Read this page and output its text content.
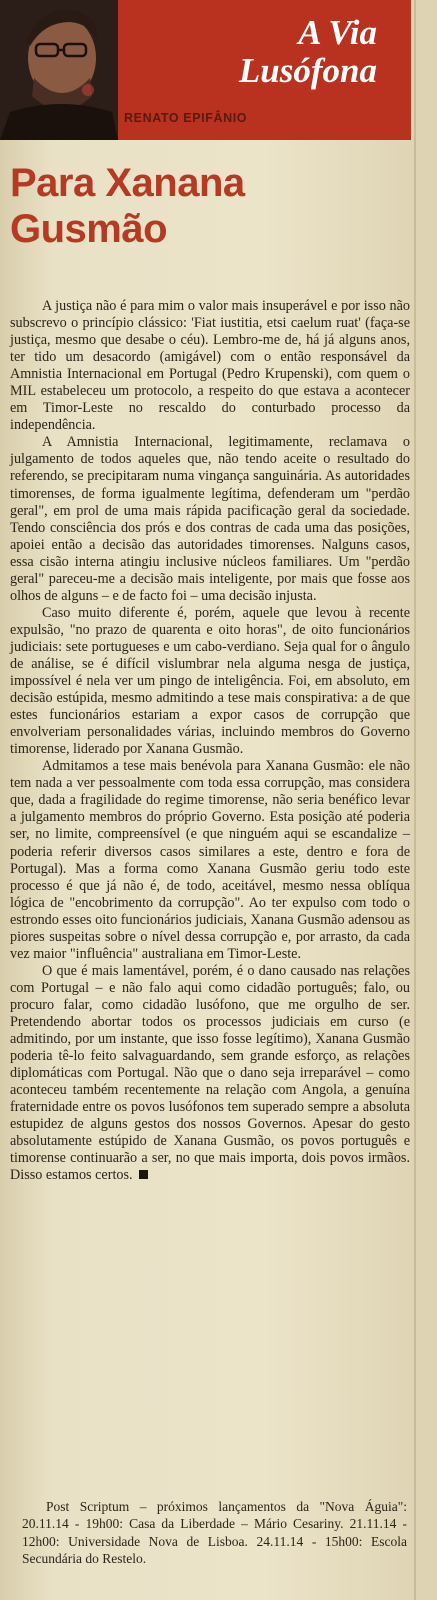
A Via
Lusófona
RENATO EPIFÂNIO
Para Xanana
Gusmão

A justiça não é para mim o valor mais insuperável e por isso não subscrevo o princípio clássico: 'Fiat iustitia, etsi caelum ruat' (faça-se justiça, mesmo que desabe o céu). Lembro-me de, há já alguns anos, ter tido um desacordo (amigável) com o então responsável da Amnistia Internacional em Portugal (Pedro Krupenski), com quem o MIL estabeleceu um protocolo, a respeito do que estava a acontecer em Timor-Leste no rescaldo do conturbado processo da independência.

A Amnistia Internacional, legitimamente, reclamava o julgamento de todos aqueles que, não tendo aceite o resultado do referendo, se precipitaram numa vingança sanguinária. As autoridades timorenses, de forma igualmente legítima, defenderam um "perdão geral", em prol de uma mais rápida pacificação geral da sociedade. Tendo consciência dos prós e dos contras de cada uma das posições, apoiei então a decisão das autoridades timorenses. Nalguns casos, essa cisão interna atingiu inclusive núcleos familiares. Um "perdão geral" pareceu-me a decisão mais inteligente, por mais que fosse aos olhos de alguns – e de facto foi – uma decisão injusta.

Caso muito diferente é, porém, aquele que levou à recente expulsão, "no prazo de quarenta e oito horas", de oito funcionários judiciais: sete portugueses e um cabo-verdiano. Seja qual for o ângulo de análise, se é difícil vislumbrar nela alguma nesga de justiça, impossível é nela ver um pingo de inteligência. Foi, em absoluto, em decisão estúpida, mesmo admitindo a tese mais conspirativa: a de que estes funcionários estariam a expor casos de corrupção que envolveriam personalidades várias, incluindo membros do Governo timorense, liderado por Xanana Gusmão.

Admitamos a tese mais benévola para Xanana Gusmão: ele não tem nada a ver pessoalmente com toda essa corrupção, mas considera que, dada a fragilidade do regime timorense, não seria benéfico levar a julgamento membros do próprio Governo. Esta posição até poderia ser, no limite, compreensível (e que ninguém aqui se escandalize – poderia referir diversos casos similares a este, dentro e fora de Portugal). Mas a forma como Xanana Gusmão geriu todo este processo é que já não é, de todo, aceitável, mesmo nessa oblíqua lógica de "encobrimento da corrupção". Ao ter expulso com todo o estrondo esses oito funcionários judiciais, Xanana Gusmão adensou as piores suspeitas sobre o nível dessa corrupção e, por arrasto, da cada vez maior "influência" australiana em Timor-Leste.

O que é mais lamentável, porém, é o dano causado nas relações com Portugal – e não falo aqui como cidadão português; falo, ou procuro falar, como cidadão lusófono, que me orgulho de ser. Pretendendo abortar todos os processos judiciais em curso (e admitindo, por um instante, que isso fosse legítimo), Xanana Gusmão poderia tê-lo feito salvaguardando, sem grande esforço, as relações diplomáticas com Portugal. Não que o dano seja irreparável – como aconteceu também recentemente na relação com Angola, a genuína fraternidade entre os povos lusófonos tem superado sempre a absoluta estupidez de alguns gestos dos nossos Governos. Apesar do gesto absolutamente estúpido de Xanana Gusmão, os povos português e timorense continuarão a ser, no que mais importa, dois povos irmãos. Disso estamos certos.

Post Scriptum – próximos lançamentos da "Nova Águia": 20.11.14 - 19h00: Casa da Liberdade – Mário Cesariny. 21.11.14 - 12h00: Universidade Nova de Lisboa. 24.11.14 - 15h00: Escola Secundária do Restelo.
